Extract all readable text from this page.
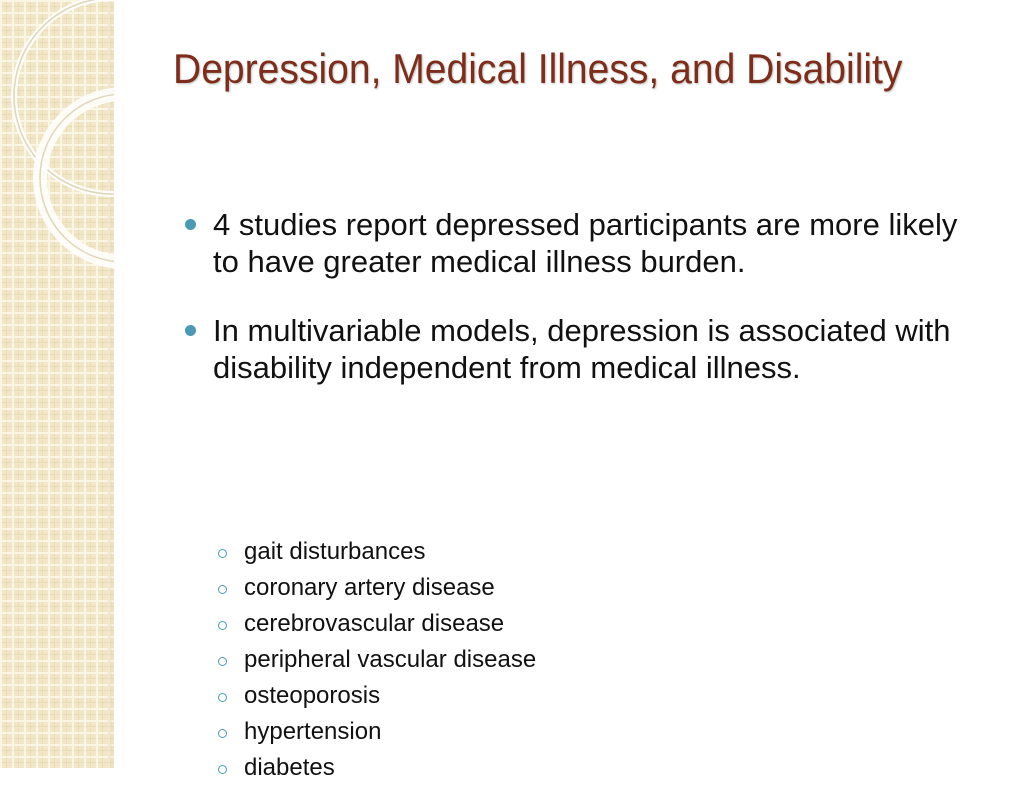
Depression, Medical Illness, and Disability
4 studies report depressed participants are more likely to have greater medical illness burden.
In multivariable models, depression is associated with disability independent from medical illness.
gait disturbances
coronary artery disease
cerebrovascular disease
peripheral vascular disease
osteoporosis
hypertension
diabetes
